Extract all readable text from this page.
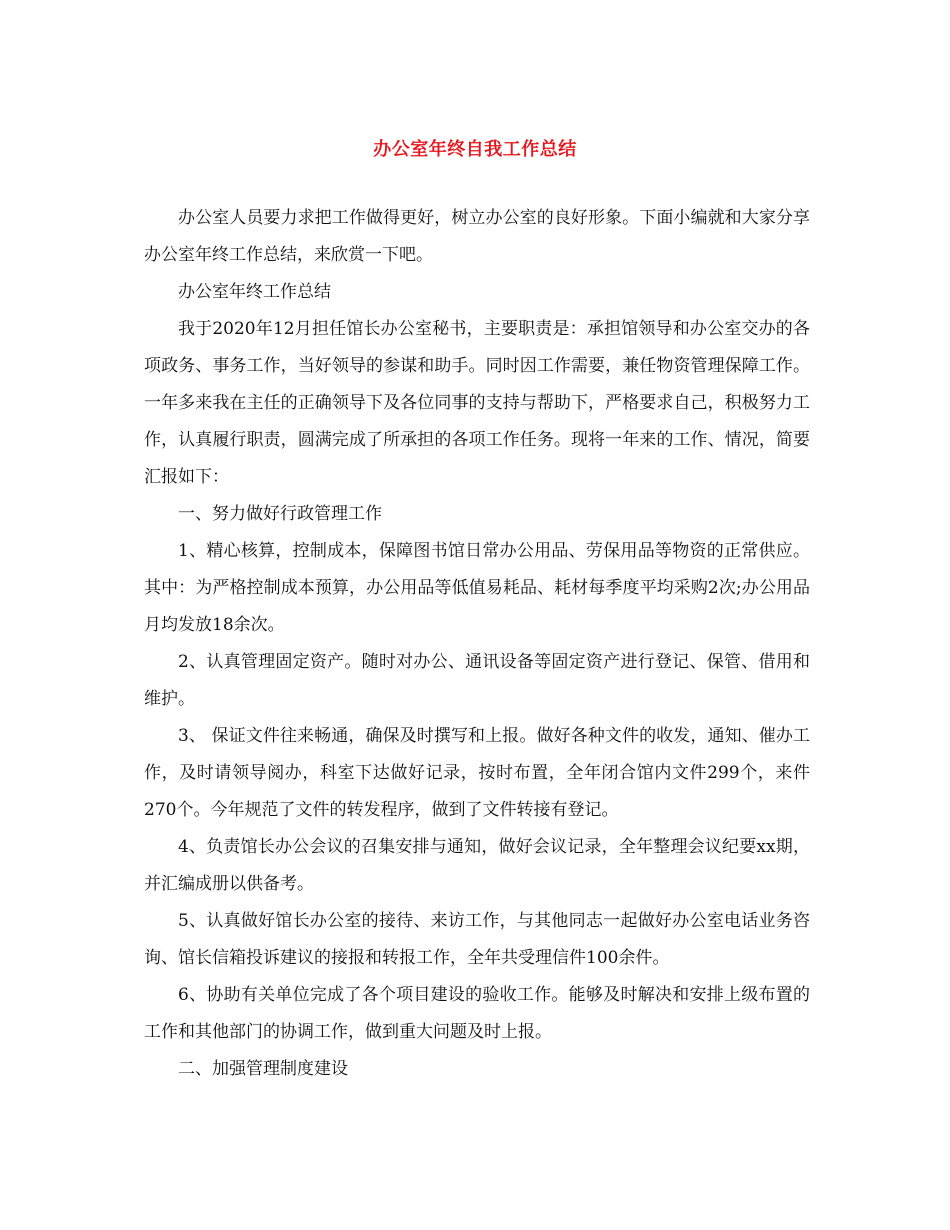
办公室年终自我工作总结

办公室人员要力求把工作做得更好，树立办公室的良好形象。下面小编就和大家分享办公室年终工作总结，来欣赏一下吧。

办公室年终工作总结

我于2020年12月担任馆长办公室秘书，主要职责是：承担馆领导和办公室交办的各项政务、事务工作，当好领导的参谋和助手。同时因工作需要，兼任物资管理保障工作。一年多来我在主任的正确领导下及各位同事的支持与帮助下，严格要求自己，积极努力工作，认真履行职责，圆满完成了所承担的各项工作任务。现将一年来的工作、情况，简要汇报如下：

一、努力做好行政管理工作

1、精心核算，控制成本，保障图书馆日常办公用品、劳保用品等物资的正常供应。 其中：为严格控制成本预算，办公用品等低值易耗品、耗材每季度平均采购2次;办公用品月均发放18余次。

2、认真管理固定资产。随时对办公、通讯设备等固定资产进行登记、保管、借用和维护。

3、 保证文件往来畅通，确保及时撰写和上报。做好各种文件的收发，通知、催办工作，及时请领导阅办，科室下达做好记录，按时布置，全年闭合馆内文件299个，来件270个。今年规范了文件的转发程序，做到了文件转接有登记。

4、负责馆长办公会议的召集安排与通知，做好会议记录，全年整理会议纪要xx期，并汇编成册以供备考。

5、认真做好馆长办公室的接待、来访工作，与其他同志一起做好办公室电话业务咨询、馆长信箱投诉建议的接报和转报工作，全年共受理信件100余件。

6、协助有关单位完成了各个项目建设的验收工作。能够及时解决和安排上级布置的工作和其他部门的协调工作，做到重大问题及时上报。

二、加强管理制度建设
